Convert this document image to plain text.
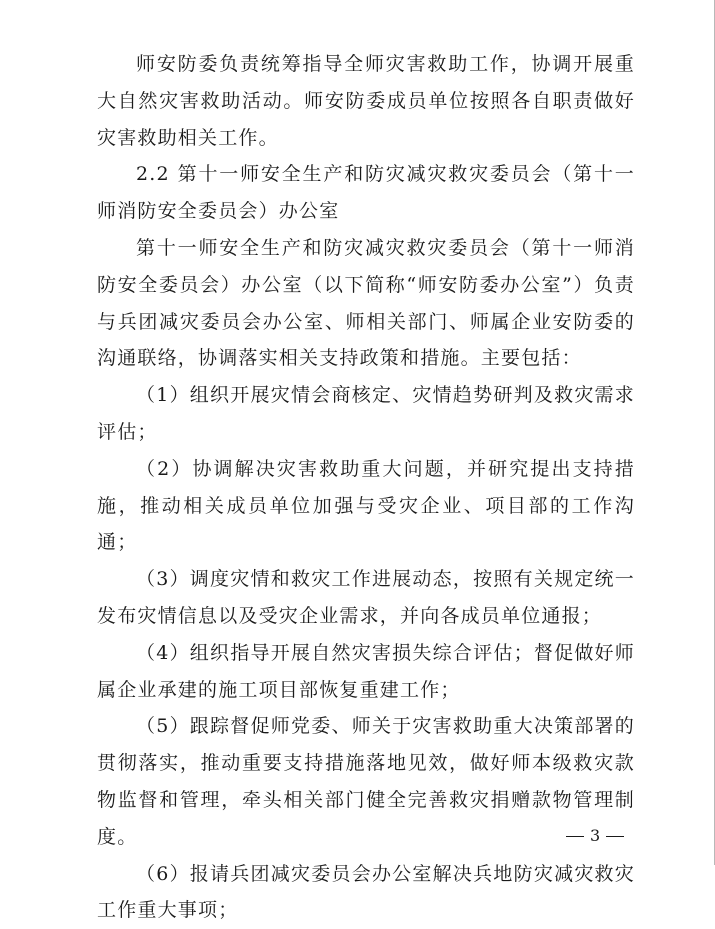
师安防委负责统筹指导全师灾害救助工作，协调开展重大自然灾害救助活动。师安防委成员单位按照各自职责做好灾害救助相关工作。

2.2 第十一师安全生产和防灾减灾救灾委员会（第十一师消防安全委员会）办公室

第十一师安全生产和防灾减灾救灾委员会（第十一师消防安全委员会）办公室（以下简称“师安防委办公室”）负责与兵团减灾委员会办公室、师相关部门、师属企业安防委的沟通联络，协调落实相关支持政策和措施。主要包括：

（1）组织开展灾情会商核定、灾情趋势研判及救灾需求评估；

（2）协调解决灾害救助重大问题，并研究提出支持措施，推动相关成员单位加强与受灾企业、项目部的工作沟通；

（3）调度灾情和救灾工作进展动态，按照有关规定统一发布灾情信息以及受灾企业需求，并向各成员单位通报；

（4）组织指导开展自然灾害损失综合评估；督促做好师属企业承建的施工项目部恢复重建工作；

（5）跟踪督促师党委、师关于灾害救助重大决策部署的贯彻落实，推动重要支持措施落地见效，做好师本级救灾款物监督和管理，牵头相关部门健全完善救灾捐赠款物管理制度。

（6）报请兵团减灾委员会办公室解决兵地防灾减灾救灾工作重大事项；

3
